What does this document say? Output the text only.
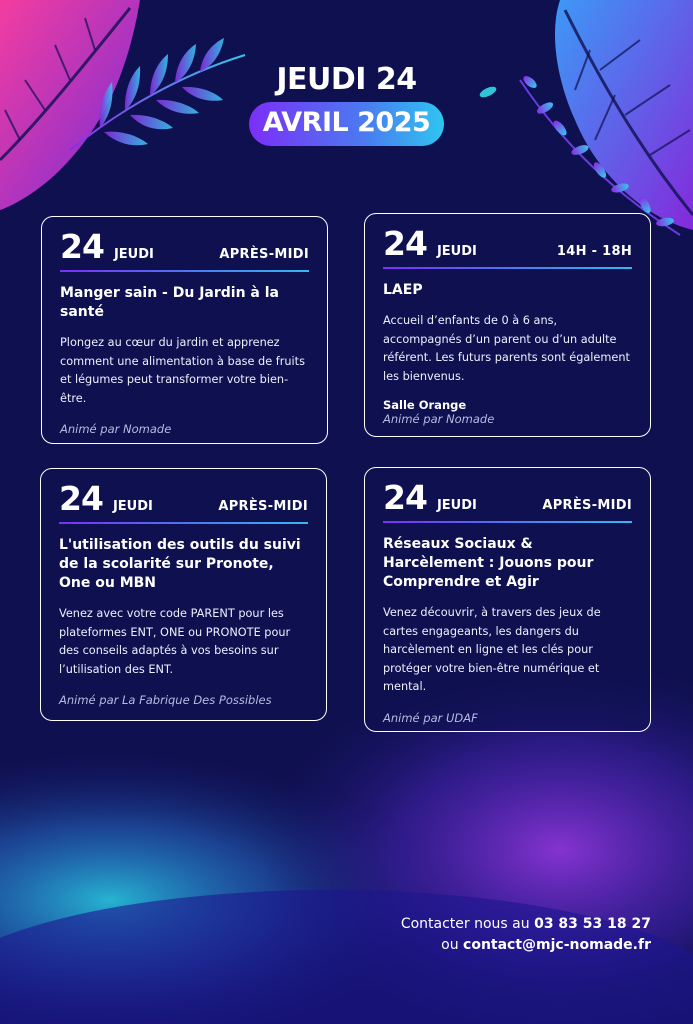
JEUDI 24
AVRIL 2025
24 JEUDI	APRÈS-MIDI
Manger sain - Du Jardin à la santé
Plongez au cœur du jardin et apprenez comment une alimentation à base de fruits et légumes peut transformer votre bien-être.
Animé par Nomade
24 JEUDI	14H - 18H
LAEP
Accueil d’enfants de 0 à 6 ans, accompagnés d’un parent ou d’un adulte référent. Les futurs parents sont également les bienvenus.
Salle Orange
Animé par Nomade
24 JEUDI	APRÈS-MIDI
L'utilisation des outils du suivi de la scolarité sur Pronote, One ou MBN
Venez avec votre code PARENT pour les plateformes ENT, ONE ou PRONOTE pour des conseils adaptés à vos besoins sur l’utilisation des ENT.
Animé par La Fabrique Des Possibles
24 JEUDI	APRÈS-MIDI
Réseaux Sociaux & Harcèlement : Jouons pour Comprendre et Agir
Venez découvrir, à travers des jeux de cartes engageants, les dangers du harcèlement en ligne et les clés pour protéger votre bien-être numérique et mental.
Animé par UDAF
Contacter nous au 03 83 53 18 27
ou contact@mjc-nomade.fr
